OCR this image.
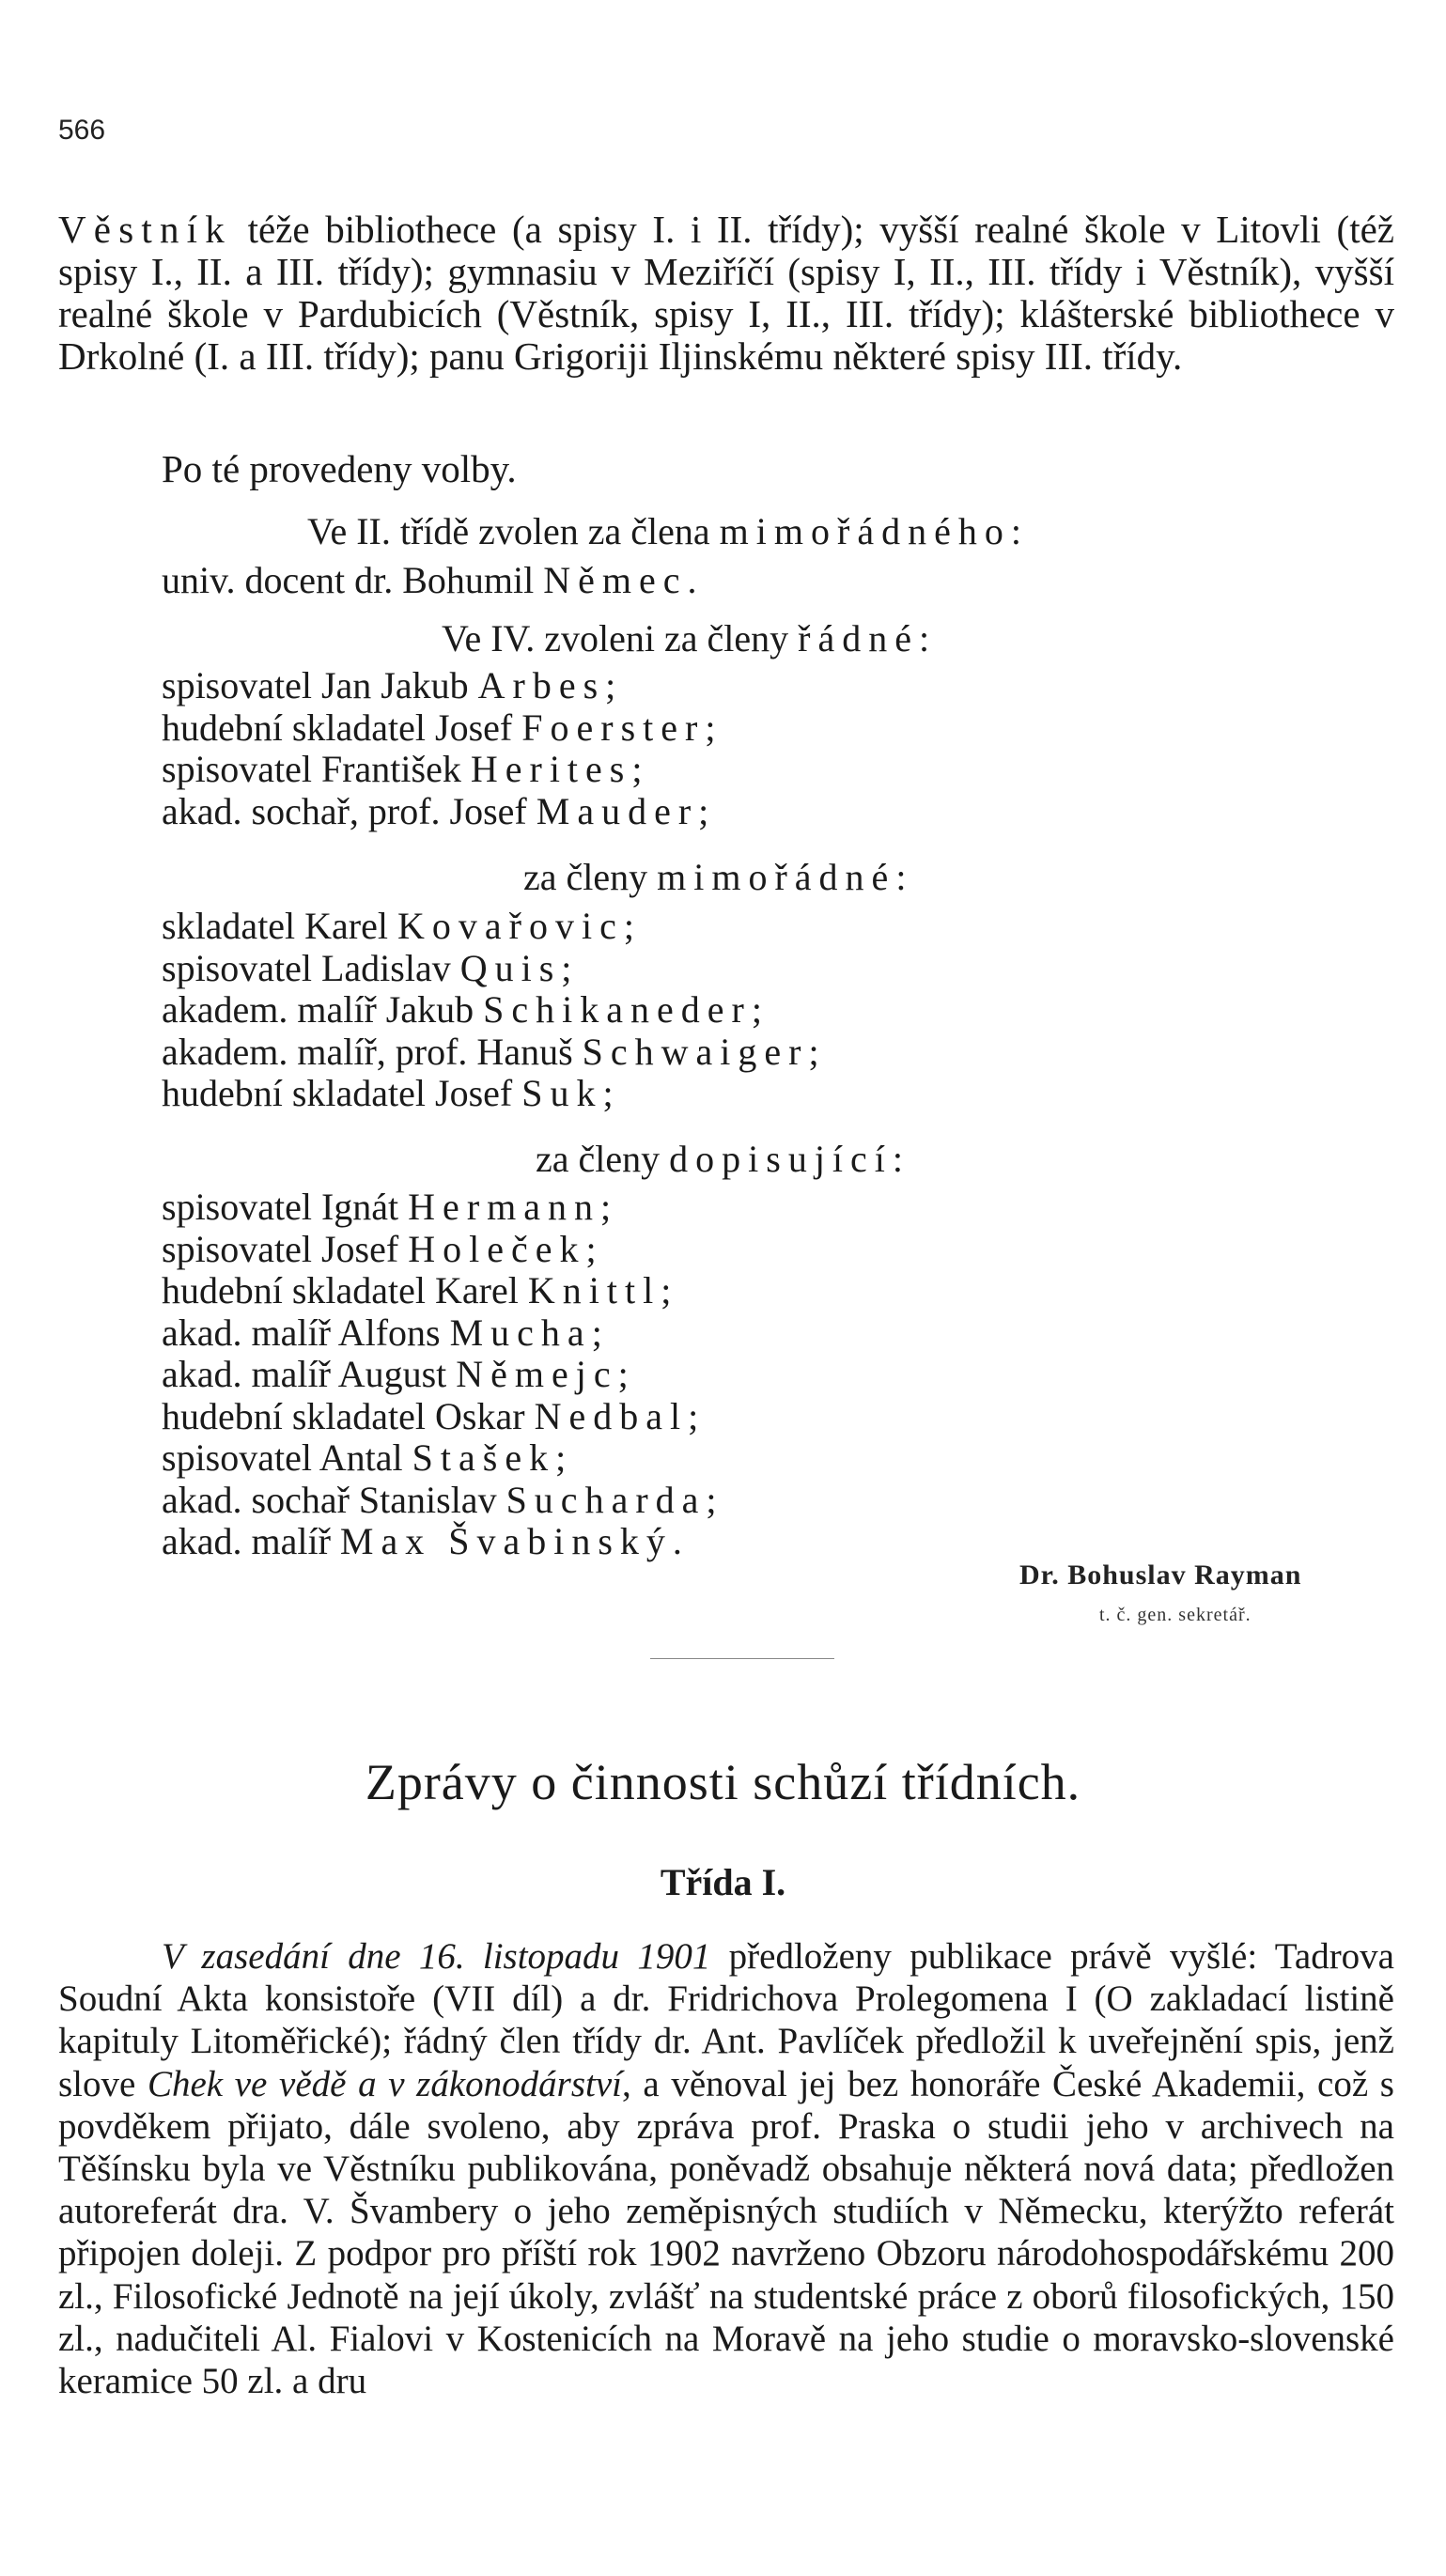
566
Věstník téže bibliothece (a spisy I. i II. třídy); vyšší realné škole v Litovli (též spisy I., II. a III. třídy); gymnasiu v Meziříčí (spisy I, II., III. třídy i Věstník), vyšší realné škole v Pardubicích (Věstník, spisy I, II., III. třídy); klášterské bibliothece v Drkolné (I. a III. třídy); panu Grigoriji Iljinskému některé spisy III. třídy.
Po té provedeny volby.
Ve II. třídě zvolen za člena mimořádného:
univ. docent dr. Bohumil Němec.
Ve IV. zvoleni za členy řádné:
spisovatel Jan Jakub Arbes;
hudební skladatel Josef Foerster;
spisovatel František Herites;
akad. sochař, prof. Josef Mauder;
za členy mimořádné:
skladatel Karel Kovařovic;
spisovatel Ladislav Quis;
akadem. malíř Jakub Schikaneder;
akadem. malíř, prof. Hanuš Schwaiger;
hudební skladatel Josef Suk;
za členy dopisující:
spisovatel Ignát Hermann;
spisovatel Josef Holeček;
hudební skladatel Karel Knittl;
akad. malíř Alfons Mucha;
akad. malíř August Němejc;
hudební skladatel Oskar Nedbal;
spisovatel Antal Stašek;
akad. sochař Stanislav Sucharda;
akad. malíř Max Švabinský.
Dr. Bohuslav Rayman
t. č. gen. sekretář.
Zprávy o činnosti schůzí třídních.
Třída I.
V zasedání dne 16. listopadu 1901 předloženy publikace právě vyšlé: Tadrova Soudní Akta konsistoře (VII díl) a dr. Fridrichova Prolegomena I (O zakladací listině kapituly Litoměřické); řádný člen třídy dr. Ant. Pavlíček předložil k uveřejnění spis, jenž slove Chek ve vědě a v zákonodárství, a věnoval jej bez honoráře České Akademii, což s povděkem přijato, dále svoleno, aby zpráva prof. Praska o studii jeho v archivech na Těšínsku byla ve Věstníku publikována, poněvadž obsahuje některá nová data; předložen autoreferát dra. V. Švambery o jeho zeměpisných studiích v Německu, kterýžto referát připojen doleji. Z podpor pro příští rok 1902 navrženo Obzoru národohospodářskému 200 zl., Filosofické Jednotě na její úkoly, zvlášť na studentské práce z oborů filosofických, 150 zl., nadučiteli Al. Fialovi v Kostenicích na Moravě na jeho studie o moravsko-slovenské keramice 50 zl. a dru
